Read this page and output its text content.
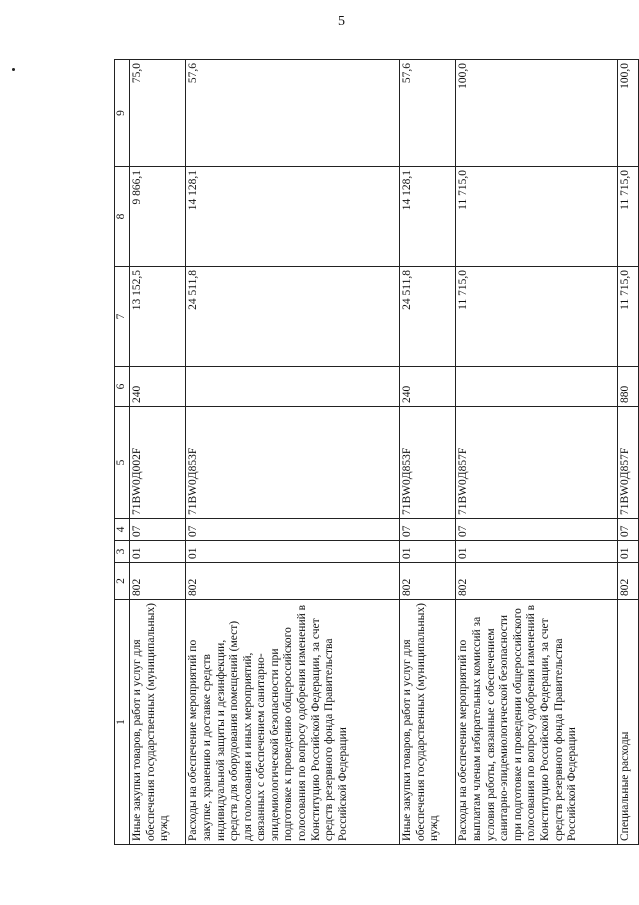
5
1	2	3	4	5	6	7	8	9
Иные закупки товаров, работ и услуг для обеспечения государственных (муниципальных) нужд	802	01	07	71BW0Д002F	240	13 152,5	9 866,1	75,0
Расходы на обеспечение мероприятий по закупке, хранению и доставке средств индивидуальной защиты и дезинфекции, средств для оборудования помещений (мест) для голосования и иных мероприятий, связанных с обеспечением санитарно-эпидемиологической безопасности при подготовке к проведению общероссийского голосования по вопросу одобрения изменений в Конституцию Российской Федерации, за счет средств резервного фонда Правительства Российской Федерации	802	01	07	71BW0Д853F		24 511,8	14 128,1	57,6
Иные закупки товаров, работ и услуг для обеспечения государственных (муниципальных) нужд	802	01	07	71BW0Д853F	240	24 511,8	14 128,1	57,6
Расходы на обеспечение мероприятий по выплатам членам избирательных комиссий за условия работы, связанные с обеспечением санитарно-эпидемиологической безопасности при подготовке и проведении общероссийского голосования по вопросу одобрения изменений в Конституцию Российской Федерации, за счет средств резервного фонда Правительства Российской Федерации	802	01	07	71BW0Д857F		11 715,0	11 715,0	100,0
Специальные расходы	802	01	07	71BW0Д857F	880	11 715,0	11 715,0	100,0
